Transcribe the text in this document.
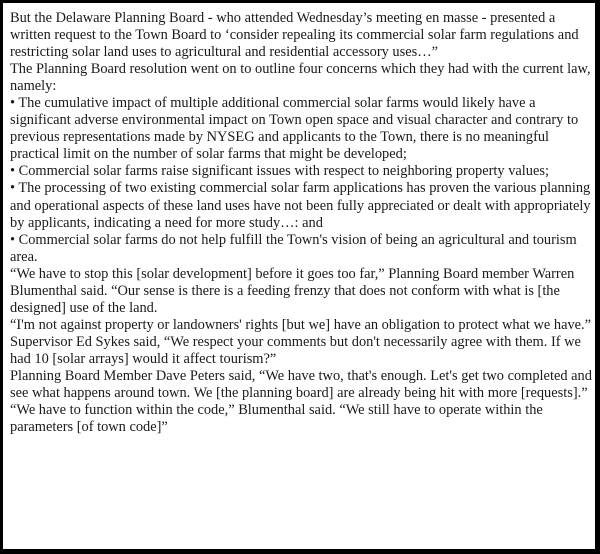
But the Delaware Planning Board - who attended Wednesday’s meeting en masse - presented a written request to the Town Board to ‘consider repealing its commercial solar farm regulations and restricting solar land uses to agricultural and residential accessory uses…”

The Planning Board resolution went on to outline four concerns which they had with the current law, namely:

• The cumulative impact of multiple additional commercial solar farms would likely have a significant adverse environmental impact on Town open space and visual character and contrary to previous representations made by NYSEG and applicants to the Town, there is no meaningful practical limit on the number of solar farms that might be developed;

• Commercial solar farms raise significant issues with respect to neighboring property values;

• The processing of two existing commercial solar farm applications has proven the various planning and operational aspects of these land uses have not been fully appreciated or dealt with appropriately by applicants, indicating a need for more study…: and

• Commercial solar farms do not help fulfill the Town's vision of being an agricultural and tourism area.

“We have to stop this [solar development] before it goes too far,” Planning Board member Warren Blumenthal said. “Our sense is there is a feeding frenzy that does not conform with what is [the designed] use of the land.

“I'm not against property or landowners' rights [but we] have an obligation to protect what we have.”

Supervisor Ed Sykes said, “We respect your comments but don't necessarily agree with them. If we had 10 [solar arrays] would it affect tourism?”

Planning Board Member Dave Peters said, “We have two, that's enough. Let's get two completed and see what happens around town. We [the planning board] are already being hit with more [requests].”

“We have to function within the code,” Blumenthal said. “We still have to operate within the parameters [of town code]”
